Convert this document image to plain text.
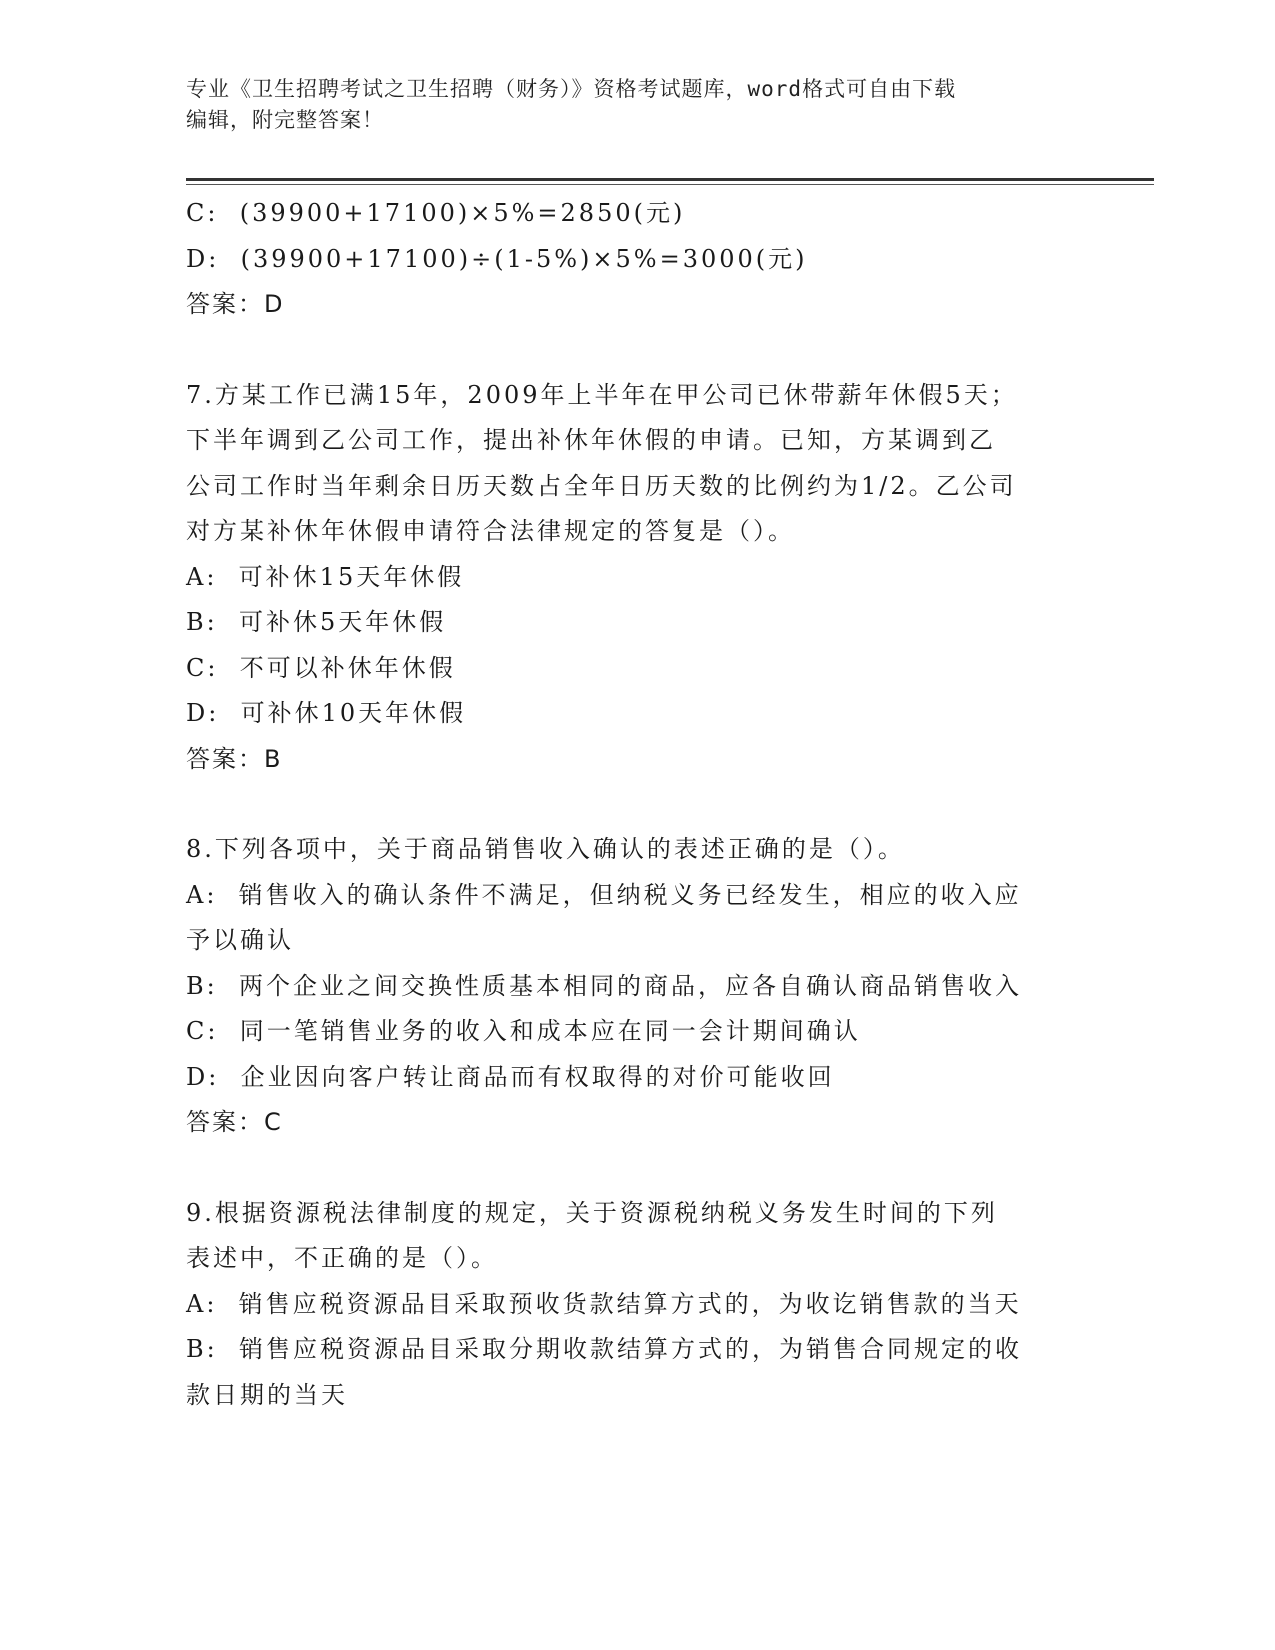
专业《卫生招聘考试之卫生招聘（财务）》资格考试题库，word格式可自由下载
编辑，附完整答案！
C:  (39900+17100)×5%=2850(元)
D:  (39900+17100)÷(1-5%)×5%=3000(元)
答案：D
7.方某工作已满15年，2009年上半年在甲公司已休带薪年休假5天；
下半年调到乙公司工作，提出补休年休假的申请。已知，方某调到乙
公司工作时当年剩余日历天数占全年日历天数的比例约为1/2。乙公司
对方某补休年休假申请符合法律规定的答复是（）。
A:  可补休15天年休假
B:  可补休5天年休假
C:  不可以补休年休假
D:  可补休10天年休假
答案：B
8.下列各项中，关于商品销售收入确认的表述正确的是（）。
A:  销售收入的确认条件不满足，但纳税义务已经发生，相应的收入应
予以确认
B:  两个企业之间交换性质基本相同的商品，应各自确认商品销售收入
C:  同一笔销售业务的收入和成本应在同一会计期间确认
D:  企业因向客户转让商品而有权取得的对价可能收回
答案：C
9.根据资源税法律制度的规定，关于资源税纳税义务发生时间的下列
表述中，不正确的是（）。
A:  销售应税资源品目采取预收货款结算方式的，为收讫销售款的当天
B:  销售应税资源品目采取分期收款结算方式的，为销售合同规定的收
款日期的当天
